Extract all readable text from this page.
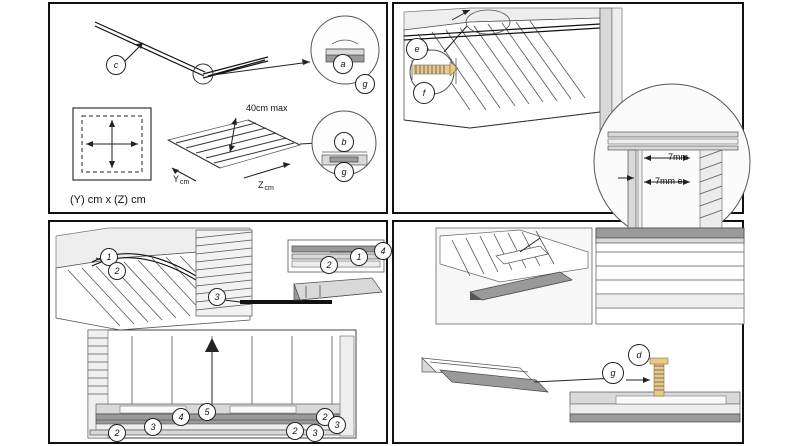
c	a
g
b
g
40cm max
$Y_{cm}$	$Z_{cm}$
(Y) cm x (Z) cm
e
f
7mm
7mm e
1
2
3
2
1
4
2
3
4 5	2
3
2 3
d
g
